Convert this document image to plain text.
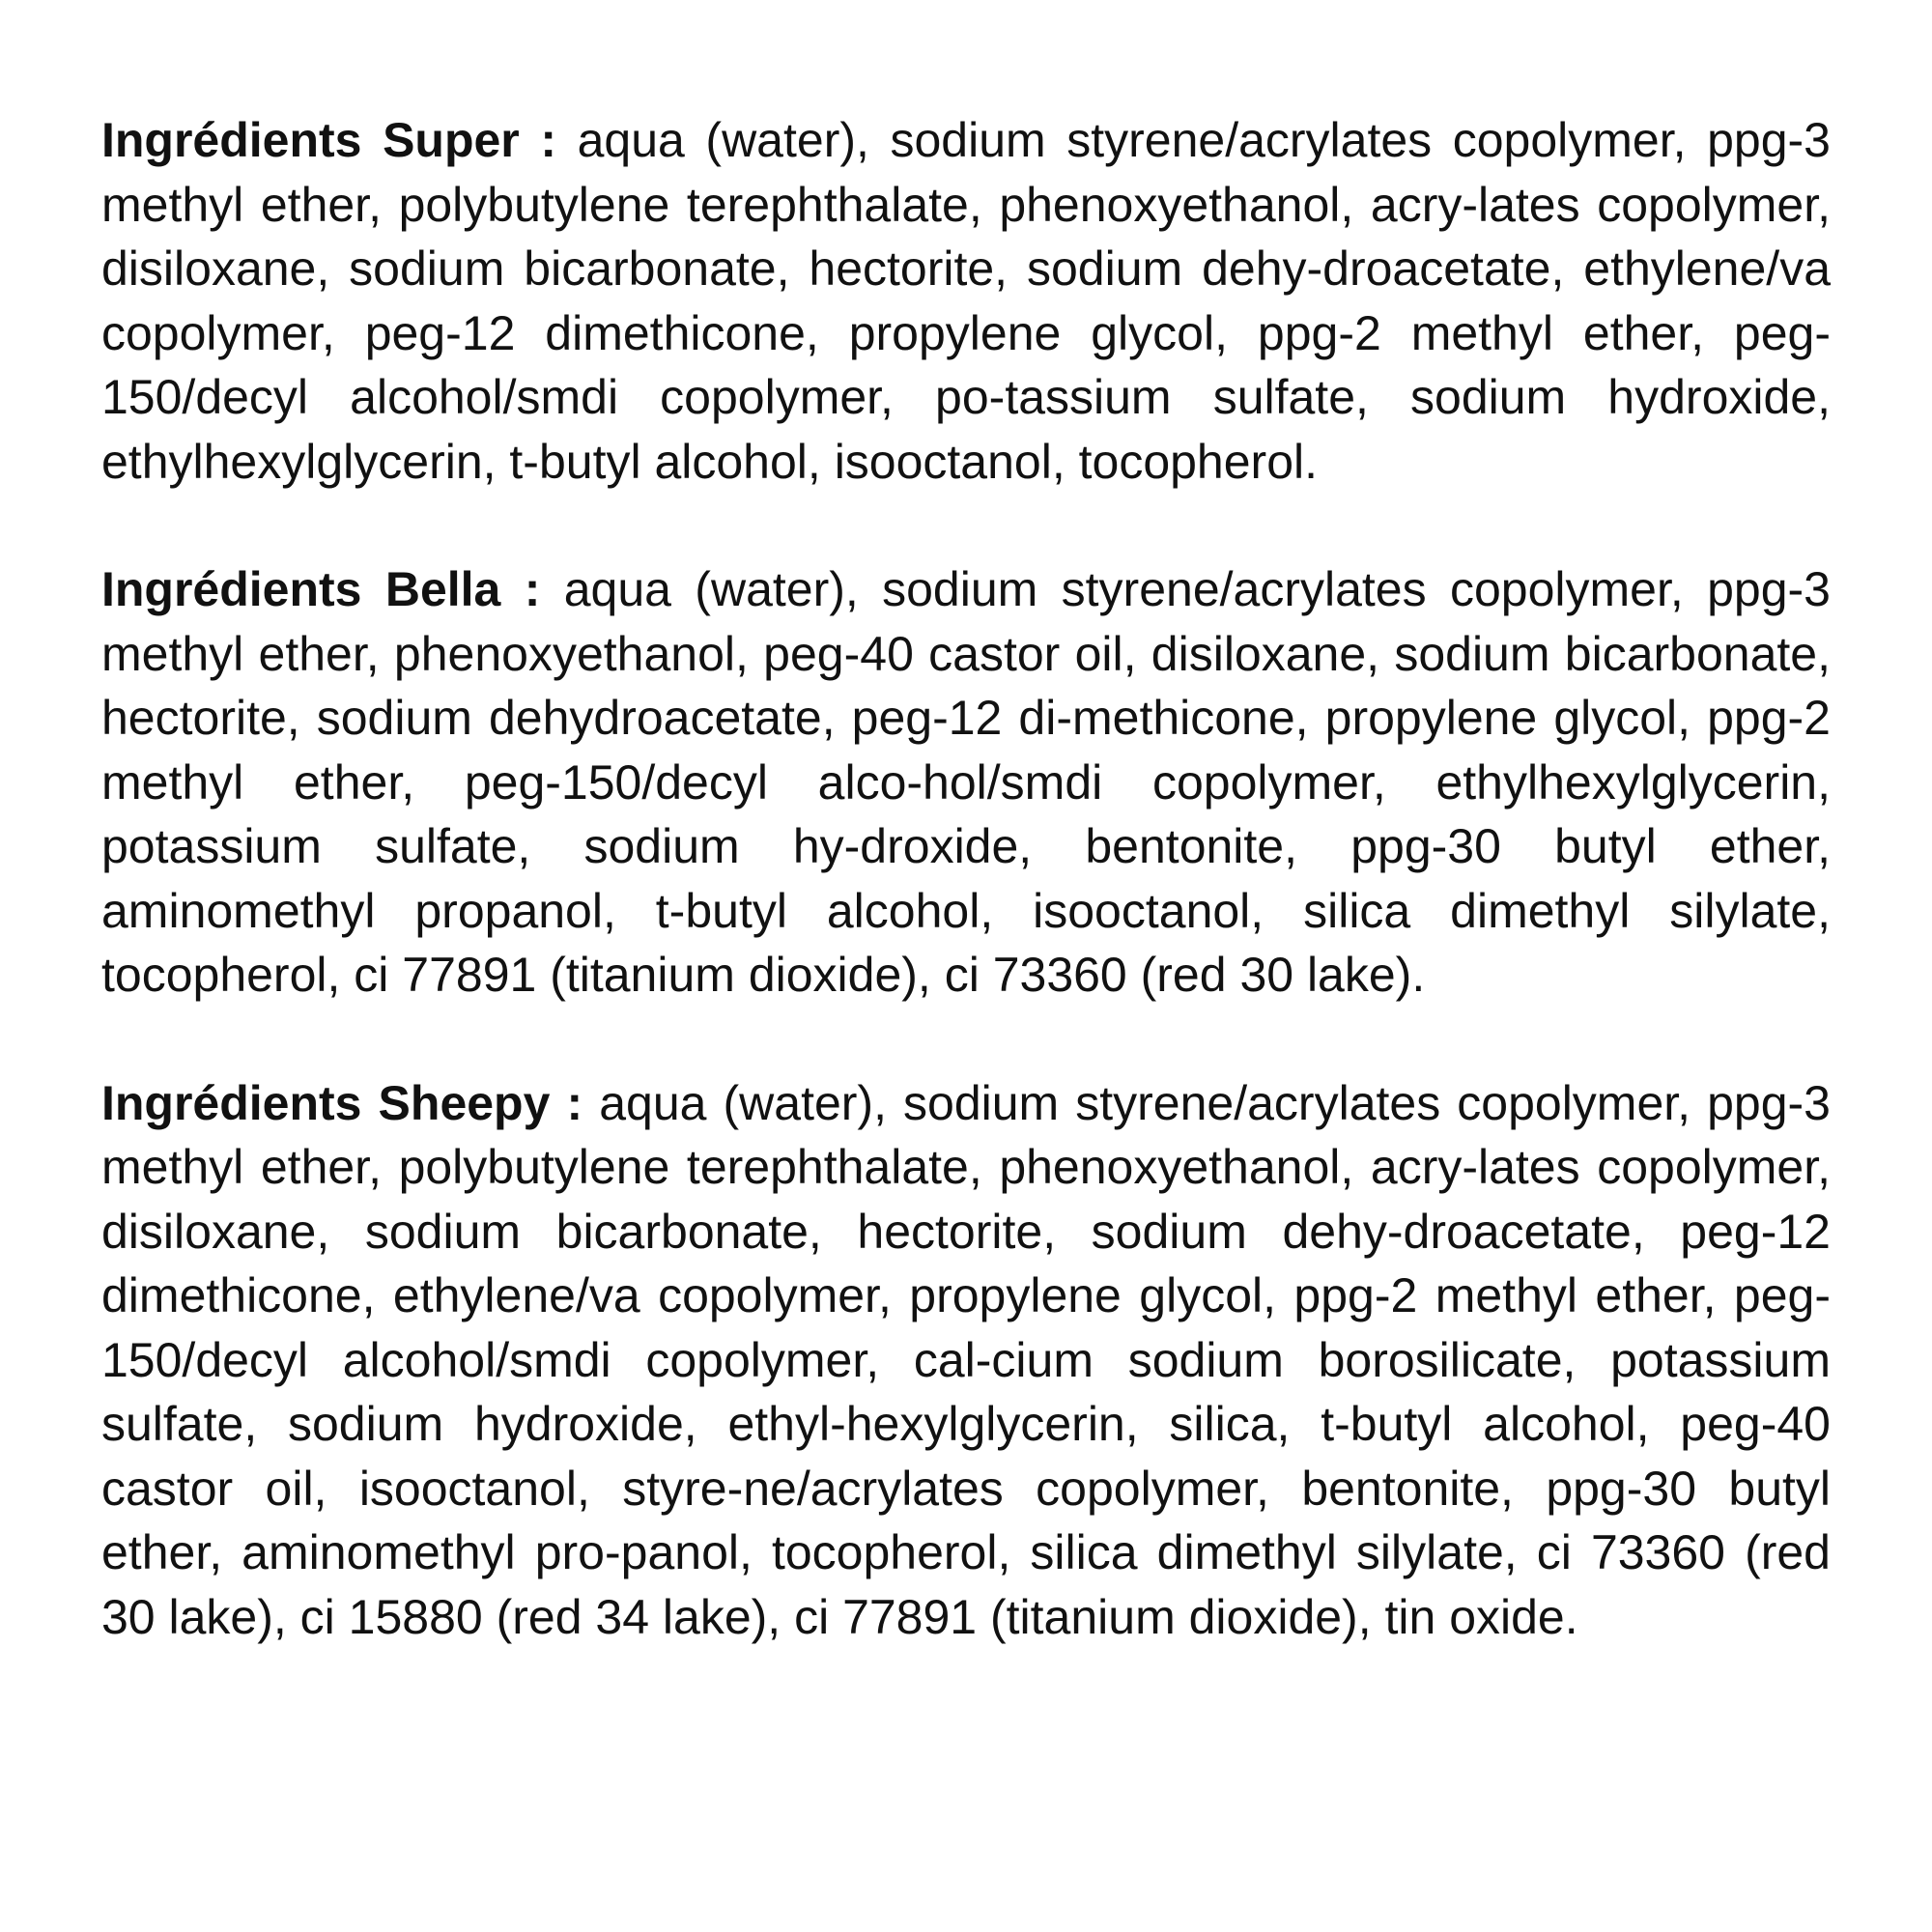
Ingrédients Super : aqua (water), sodium styrene/acrylates copolymer, ppg-3 methyl ether, polybutylene terephthalate, phenoxyethanol, acry-lates copolymer, disiloxane, sodium bicarbonate, hectorite, sodium dehy-droacetate, ethylene/va copolymer, peg-12 dimethicone, propylene glycol, ppg-2 methyl ether, peg-150/decyl alcohol/smdi copolymer, po-tassium sulfate, sodium hydroxide, ethylhexylglycerin, t-butyl alcohol, isooctanol, tocopherol.

Ingrédients Bella : aqua (water), sodium styrene/acrylates copolymer, ppg-3 methyl ether, phenoxyethanol, peg-40 castor oil, disiloxane, sodium bicarbonate, hectorite, sodium dehydroacetate, peg-12 di-methicone, propylene glycol, ppg-2 methyl ether, peg-150/decyl alco-hol/smdi copolymer, ethylhexylglycerin, potassium sulfate, sodium hy-droxide, bentonite, ppg-30 butyl ether, aminomethyl propanol, t-butyl alcohol, isooctanol, silica dimethyl silylate, tocopherol, ci 77891 (titanium dioxide), ci 73360 (red 30 lake).

Ingrédients Sheepy : aqua (water), sodium styrene/acrylates copolymer, ppg-3 methyl ether, polybutylene terephthalate, phenoxyethanol, acry-lates copolymer, disiloxane, sodium bicarbonate, hectorite, sodium dehy-droacetate, peg-12 dimethicone, ethylene/va copolymer, propylene glycol, ppg-2 methyl ether, peg-150/decyl alcohol/smdi copolymer, cal-cium sodium borosilicate, potassium sulfate, sodium hydroxide, ethyl-hexylglycerin, silica, t-butyl alcohol, peg-40 castor oil, isooctanol, styre-ne/acrylates copolymer, bentonite, ppg-30 butyl ether, aminomethyl pro-panol, tocopherol, silica dimethyl silylate, ci 73360 (red 30 lake), ci 15880 (red 34 lake), ci 77891 (titanium dioxide), tin oxide.
